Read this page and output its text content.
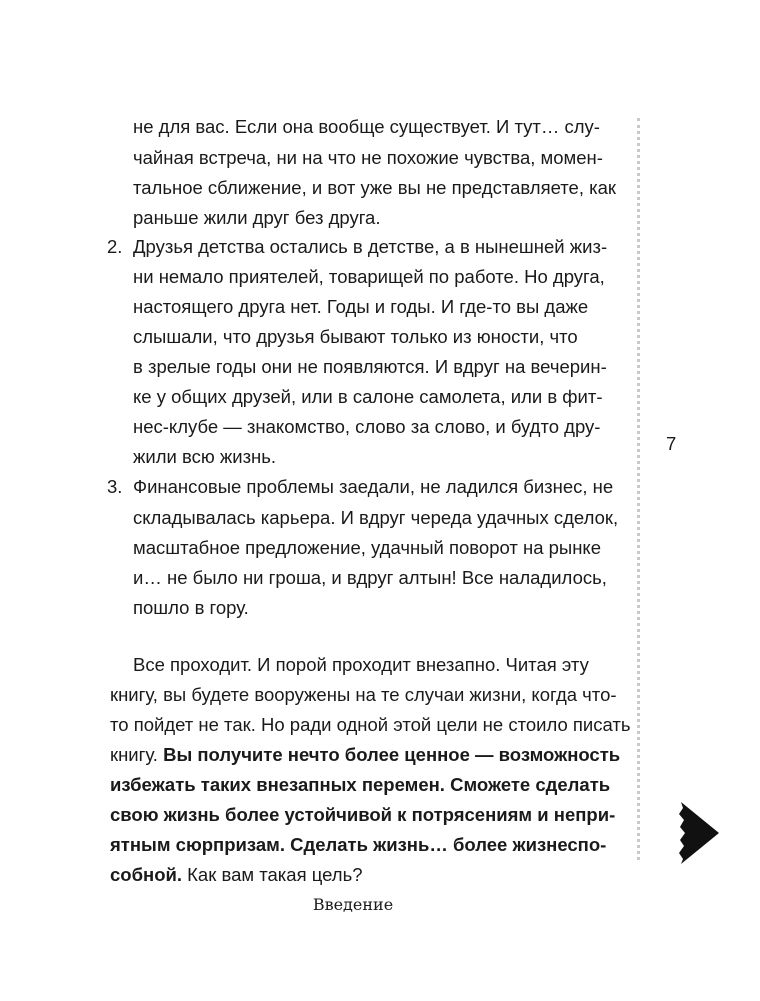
не для вас. Если она вообще существует. И тут… слу-
чайная встреча, ни на что не похожие чувства, момен-
тальное сближение, и вот уже вы не представляете, как
раньше жили друг без друга.
2. Друзья детства остались в детстве, а в нынешней жиз-
ни немало приятелей, товарищей по работе. Но друга,
настоящего друга нет. Годы и годы. И где-то вы даже
слышали, что друзья бывают только из юности, что
в зрелые годы они не появляются. И вдруг на вечерин-
ке у общих друзей, или в салоне самолета, или в фит-
нес-клубе — знакомство, слово за слово, и будто дру-
жили всю жизнь.
3. Финансовые проблемы заедали, не ладился бизнес, не
складывалась карьера. И вдруг череда удачных сделок,
масштабное предложение, удачный поворот на рынке
и… не было ни гроша, и вдруг алтын! Все наладилось,
пошло в гору.
Все проходит. И порой проходит внезапно. Читая эту
книгу, вы будете вооружены на те случаи жизни, когда что-
то пойдет не так. Но ради одной этой цели не стоило писать
книгу. Вы получите нечто более ценное — возможность
избежать таких внезапных перемен. Сможете сделать
свою жизнь более устойчивой к потрясениям и непри-
ятным сюрпризам. Сделать жизнь… более жизнеспо-
собной. Как вам такая цель?
7
Введение
